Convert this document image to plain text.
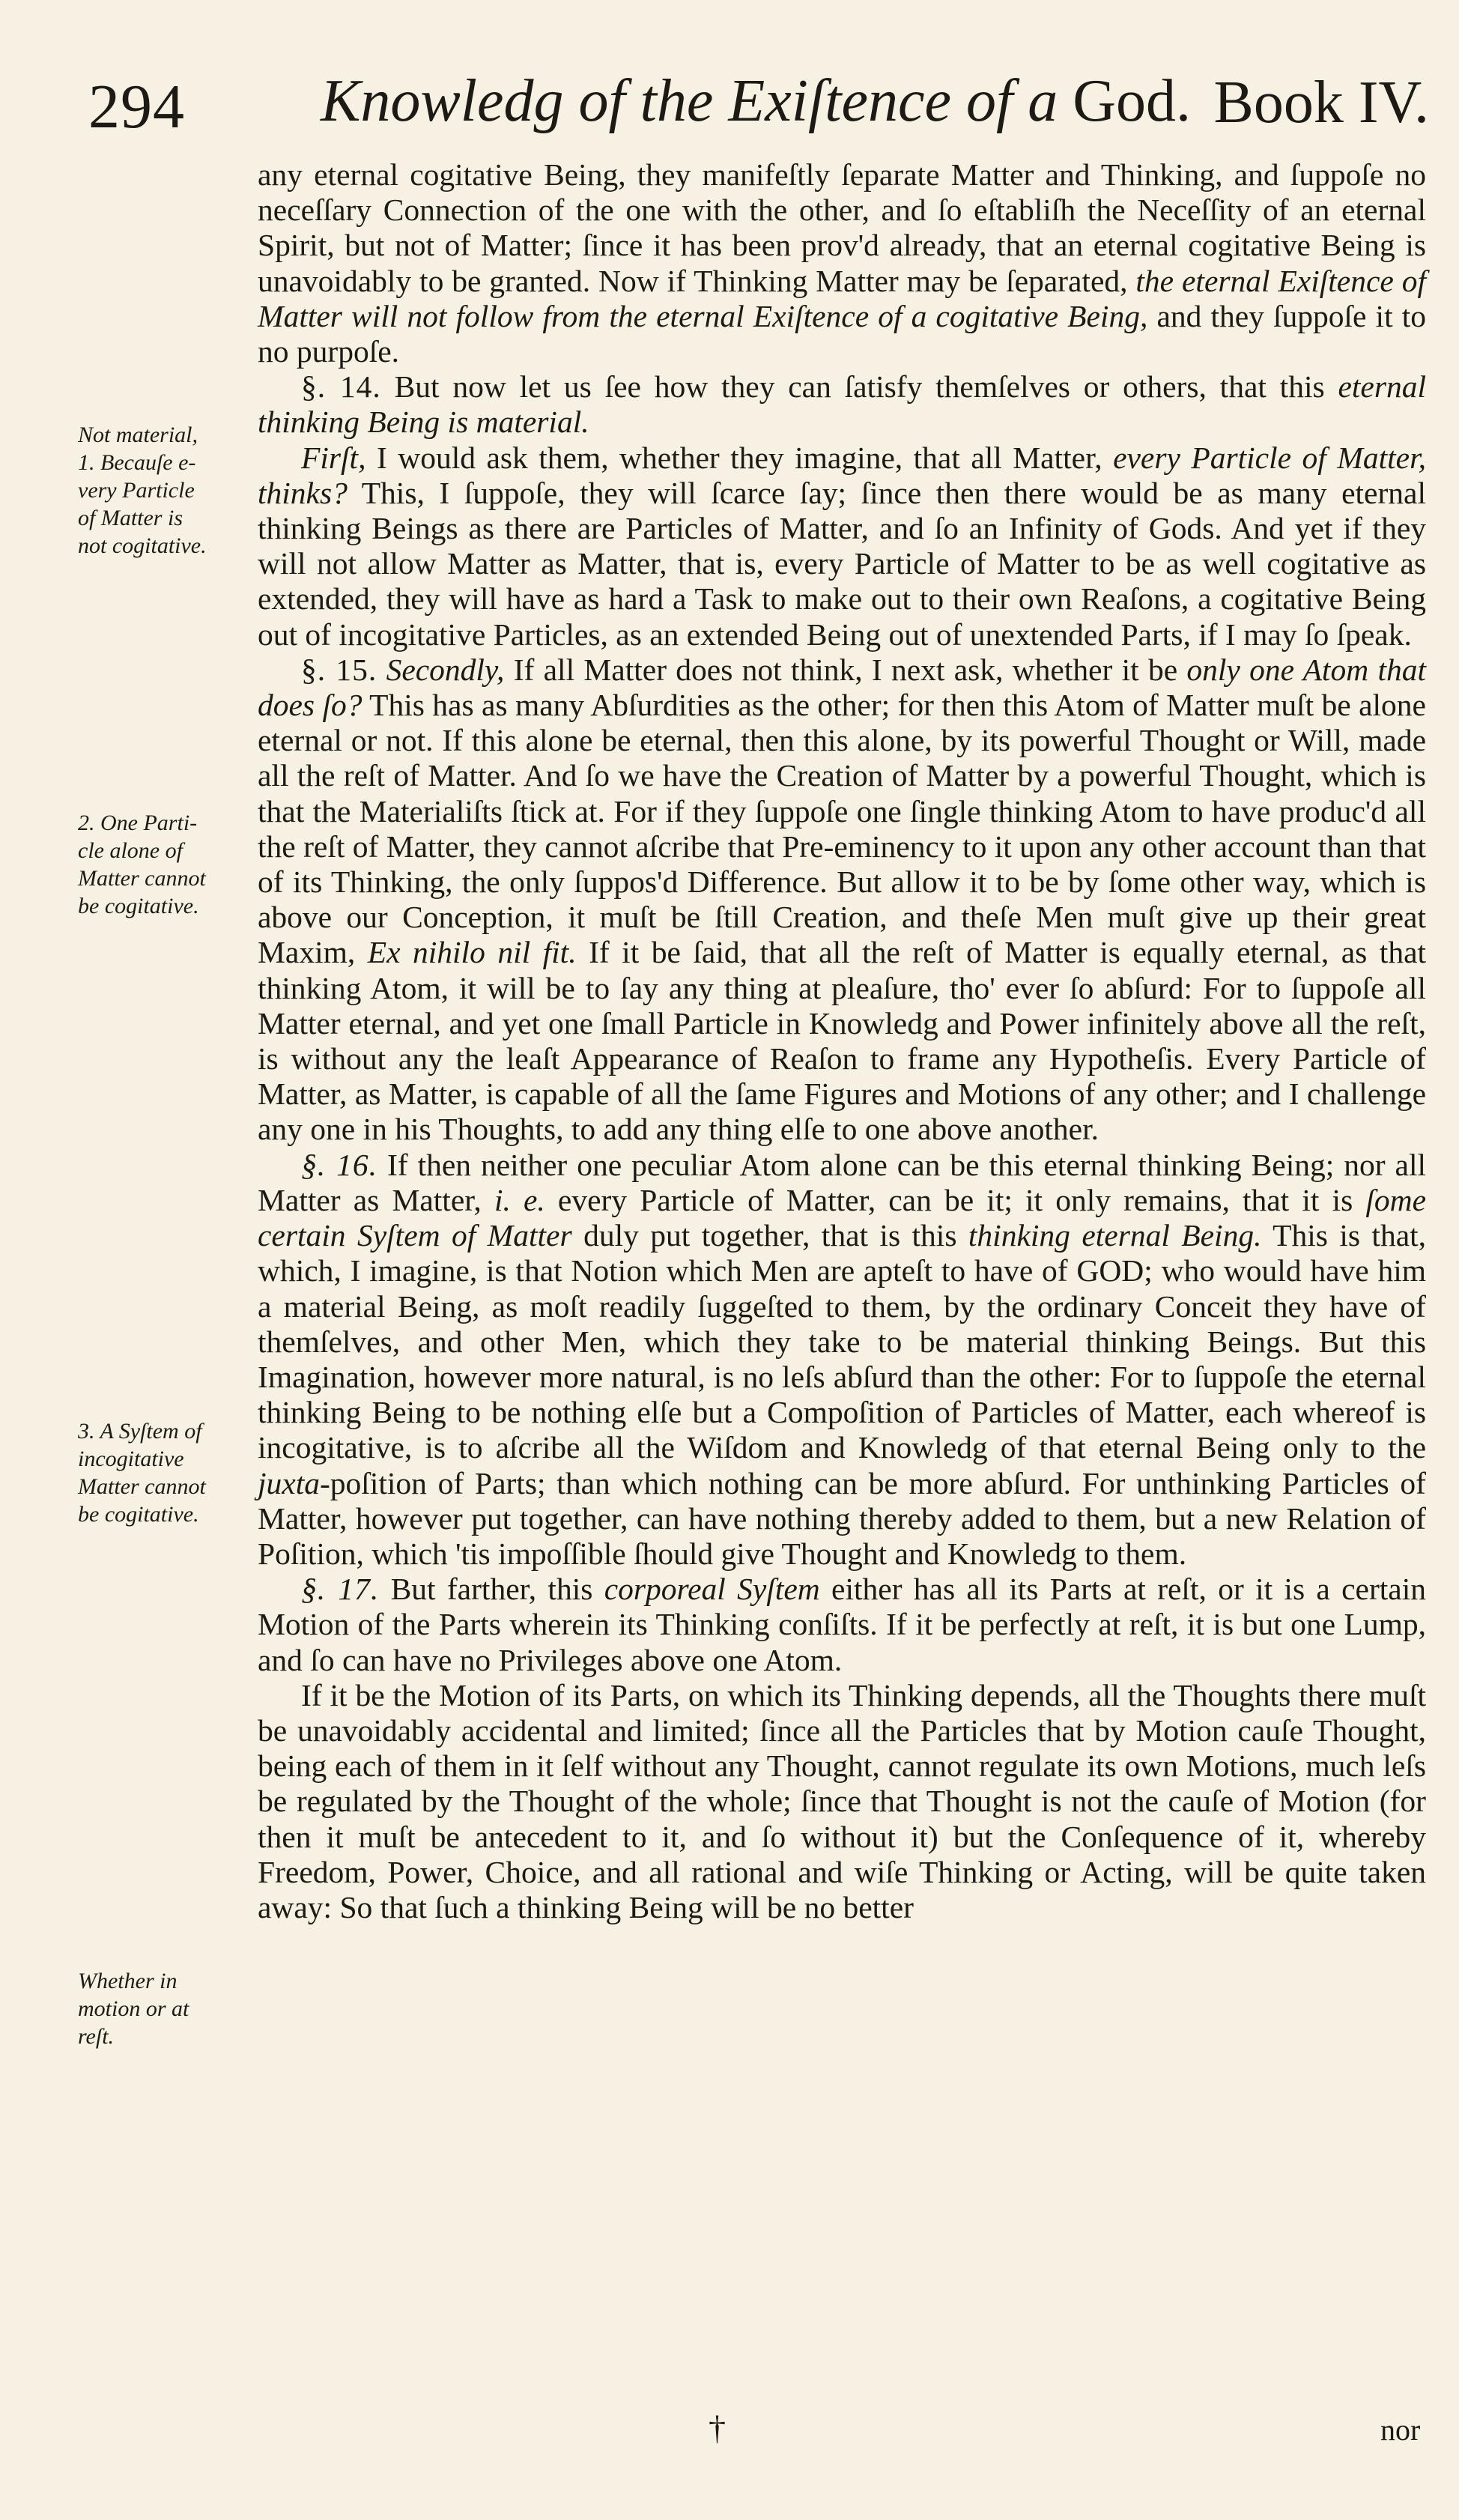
294 Knowledg of the Exiſtence of a God. Book IV.
Not material,
1. Becauſe e-
very Particle
of Matter is
not cogitative.
2. One Parti-
cle alone of
Matter cannot
be cogitative.
3. A Syſtem of
incogitative
Matter cannot
be cogitative.
Whether in
motion or at
reſt.

any eternal cogitative Being, they manifeſtly ſeparate Matter and Thinking, and ſuppoſe no neceſſary Connection of the one with the other, and ſo eſtabliſh the Neceſſity of an eternal Spirit, but not of Matter; ſince it has been prov'd already, that an eternal cogitative Being is unavoidably to be granted. Now if Thinking Matter may be ſeparated, the eternal Exiſtence of Matter will not follow from the eternal Exiſtence of a cogitative Being, and they ſuppoſe it to no purpoſe.

§. 14. But now let us ſee how they can ſatisfy themſelves or others, that this eternal thinking Being is material.

Firſt, I would ask them, whether they imagine, that all Matter, every Particle of Matter, thinks? This, I ſuppoſe, they will ſcarce ſay; ſince then there would be as many eternal thinking Beings as there are Particles of Matter, and ſo an Infinity of Gods. And yet if they will not allow Matter as Matter, that is, every Particle of Matter to be as well cogitative as extended, they will have as hard a Task to make out to their own Reaſons, a cogitative Being out of incogitative Particles, as an extended Being out of unextended Parts, if I may ſo ſpeak.

§. 15. Secondly, If all Matter does not think, I next ask, whether it be only one Atom that does ſo? This has as many Abſurdities as the other; for then this Atom of Matter muſt be alone eternal or not. If this alone be eternal, then this alone, by its powerful Thought or Will, made all the reſt of Matter. And ſo we have the Creation of Matter by a powerful Thought, which is that the Materialiſts ſtick at. For if they ſuppoſe one ſingle thinking Atom to have produc'd all the reſt of Matter, they cannot aſcribe that Pre-eminency to it upon any other account than that of its Thinking, the only ſuppos'd Difference. But allow it to be by ſome other way, which is above our Conception, it muſt be ſtill Creation, and theſe Men muſt give up their great Maxim, Ex nihilo nil fit. If it be ſaid, that all the reſt of Matter is equally eternal, as that thinking Atom, it will be to ſay any thing at pleaſure, tho' ever ſo abſurd: For to ſuppoſe all Matter eternal, and yet one ſmall Particle in Knowledg and Power infinitely above all the reſt, is without any the leaſt Appearance of Reaſon to frame any Hypotheſis. Every Particle of Matter, as Matter, is capable of all the ſame Figures and Motions of any other; and I challenge any one in his Thoughts, to add any thing elſe to one above another.

§. 16. If then neither one peculiar Atom alone can be this eternal thinking Being; nor all Matter as Matter, i. e. every Particle of Matter, can be it; it only remains, that it is ſome certain Syſtem of Matter duly put together, that is this thinking eternal Being. This is that, which, I imagine, is that Notion which Men are apteſt to have of GOD; who would have him a material Being, as moſt readily ſuggeſted to them, by the ordinary Conceit they have of themſelves, and other Men, which they take to be material thinking Beings. But this Imagination, however more natural, is no leſs abſurd than the other: For to ſuppoſe the eternal thinking Being to be nothing elſe but a Compoſition of Particles of Matter, each whereof is incogitative, is to aſcribe all the Wiſdom and Knowledg of that eternal Being only to the juxta-poſition of Parts; than which nothing can be more abſurd. For unthinking Particles of Matter, however put together, can have nothing thereby added to them, but a new Relation of Poſition, which 'tis impoſſible ſhould give Thought and Knowledg to them.

§. 17. But farther, this corporeal Syſtem either has all its Parts at reſt, or it is a certain Motion of the Parts wherein its Thinking conſiſts. If it be perfectly at reſt, it is but one Lump, and ſo can have no Privileges above one Atom.

If it be the Motion of its Parts, on which its Thinking depends, all the Thoughts there muſt be unavoidably accidental and limited; ſince all the Particles that by Motion cauſe Thought, being each of them in it ſelf without any Thought, cannot regulate its own Motions, much leſs be regulated by the Thought of the whole; ſince that Thought is not the cauſe of Motion (for then it muſt be antecedent to it, and ſo without it) but the Conſequence of it, whereby Freedom, Power, Choice, and all rational and wiſe Thinking or Acting, will be quite taken away: So that ſuch a thinking Being will be no better

†	nor
